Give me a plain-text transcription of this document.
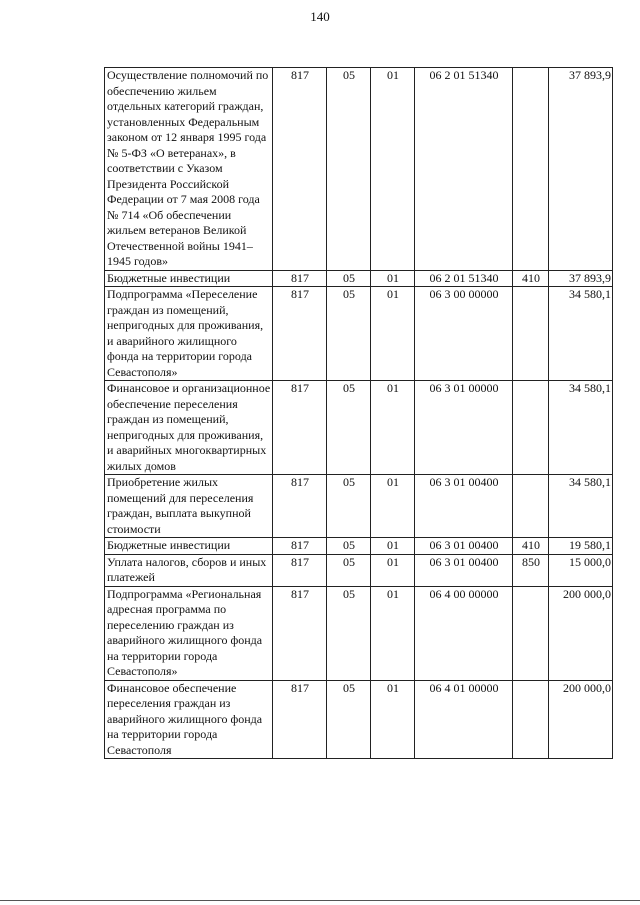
140
Осуществление полномочий по обеспечению жильем отдельных категорий граждан, установленных Федеральным законом от 12 января 1995 года № 5-ФЗ «О ветеранах», в соответствии с Указом Президента Российской Федерации от 7 мая 2008 года № 714 «Об обеспечении жильем ветеранов Великой Отечественной войны 1941–1945 годов»	817	05	01	06 2 01 51340		37 893,9
Бюджетные инвестиции	817	05	01	06 2 01 51340	410	37 893,9
Подпрограмма «Переселение граждан из помещений, непригодных для проживания, и аварийного жилищного фонда на территории города Севастополя»	817	05	01	06 3 00 00000		34 580,1
Финансовое и организационное обеспечение переселения граждан из помещений, непригодных для проживания, и аварийных многоквартирных жилых домов	817	05	01	06 3 01 00000		34 580,1
Приобретение жилых помещений для переселения граждан, выплата выкупной стоимости	817	05	01	06 3 01 00400		34 580,1
Бюджетные инвестиции	817	05	01	06 3 01 00400	410	19 580,1
Уплата налогов, сборов и иных платежей	817	05	01	06 3 01 00400	850	15 000,0
Подпрограмма «Региональная адресная программа по переселению граждан из аварийного жилищного фонда на территории города Севастополя»	817	05	01	06 4 00 00000		200 000,0
Финансовое обеспечение переселения граждан из аварийного жилищного фонда на территории города Севастополя	817	05	01	06 4 01 00000		200 000,0
